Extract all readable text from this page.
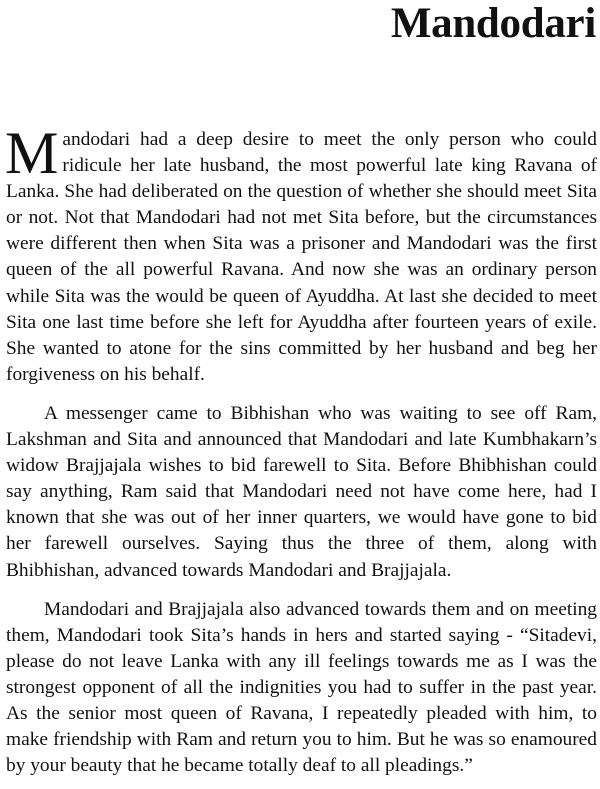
Mandodari

Mandodari had a deep desire to meet the only person who could ridicule her late husband, the most powerful late king Ravana of Lanka. She had deliberated on the question of whether she should meet Sita or not. Not that Mandodari had not met Sita before, but the circumstances were different then when Sita was a prisoner and Mandodari was the first queen of the all powerful Ravana. And now she was an ordinary person while Sita was the would be queen of Ayuddha. At last she decided to meet Sita one last time before she left for Ayuddha after fourteen years of exile. She wanted to atone for the sins committed by her husband and beg her forgiveness on his behalf.

A messenger came to Bibhishan who was waiting to see off Ram, Lakshman and Sita and announced that Mandodari and late Kumbhakarn’s widow Brajjajala wishes to bid farewell to Sita. Before Bhibhishan could say anything, Ram said that Mandodari need not have come here, had I known that she was out of her inner quarters, we would have gone to bid her farewell ourselves. Saying thus the three of them, along with Bhibhishan, advanced towards Mandodari and Brajjajala.

Mandodari and Brajjajala also advanced towards them and on meeting them, Mandodari took Sita’s hands in hers and started saying - “Sitadevi, please do not leave Lanka with any ill feelings towards me as I was the strongest opponent of all the indignities you had to suffer in the past year. As the senior most queen of Ravana, I repeatedly pleaded with him, to make friendship with Ram and return you to him. But he was so enamoured by your beauty that he became totally deaf to all pleadings.”
